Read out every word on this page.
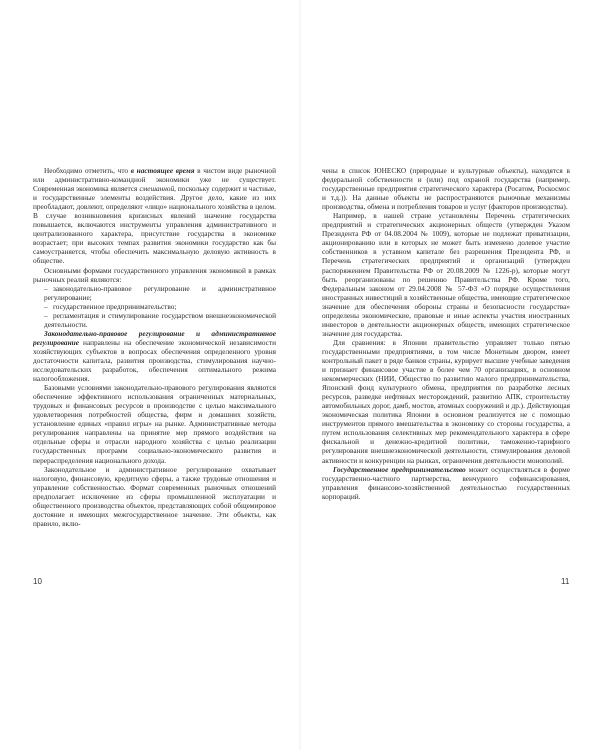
Необходимо отметить, что в настоящее время в чистом виде рыночной или административно-командной экономики уже не существует. Современная экономика является смешанной, поскольку содержит и частные, и государственные элементы воздействия. Другое дело, какие из них преобладают, довлеют, определяют «лицо» национального хозяйства в целом. В случае возникновения кризисных явлений значение государства повышается, включаются инструменты управления административного и централизованного характера, присутствие государства в экономике возрастает; при высоких темпах развития экономики государство как бы самоустраняется, чтобы обеспечить максимальную деловую активность в обществе.

Основными формами государственного управления экономикой в рамках рыночных реалий являются:

– законодательно-правовое регулирование и административное регулирование;
– государственное предпринимательство;
– регламентация и стимулирование государством внешнеэкономической деятельности.

Законодательно-правовое регулирование и административное регулирование направлены на обеспечение экономической независимости хозяйствующих субъектов в вопросах обеспечения определенного уровня достаточности капитала, развития производства, стимулирования научно-исследовательских разработок, обеспечения оптимального режима налогообложения.

Базовыми условиями законодательно-правового регулирования являются обеспечение эффективного использования ограниченных материальных, трудовых и финансовых ресурсов в производстве с целью максимального удовлетворения потребностей общества, фирм и домашних хозяйств, установление единых «правил игры» на рынке. Административные методы регулирования направлены на принятие мер прямого воздействия на отдельные сферы и отрасли народного хозяйства с целью реализации государственных программ социально-экономического развития и перераспределения национального дохода.

Законодательное и административное регулирование охватывает налоговую, финансовую, кредитную сферы, а также трудовые отношения и управление собственностью. Формат современных рыночных отношений предполагает исключение из сферы промышленной эксплуатации и общественного производства объектов, представляющих собой общемировое достояние и имеющих межгосударственное значение. Эти объекты, как правило, вклю-

10

чены в список ЮНЕСКО (природные и культурные объекты), находятся в федеральной собственности и (или) под охраной государства (например, государственные предприятия стратегического характера (Росатом, Роскосмос и т.д.)). На данные объекты не распространяются рыночные механизмы производства, обмена и потребления товаров и услуг (факторов производства).

Например, в нашей стране установлены Перечень стратегических предприятий и стратегических акционерных обществ (утвержден Указом Президента РФ от 04.08.2004 № 1009), которые не подлежат приватизации, акционированию или в которых не может быть изменено долевое участие собственников в уставном капитале без разрешения Президента РФ, и Перечень стратегических предприятий и организаций (утвержден распоряжением Правительства РФ от 20.08.2009 № 1226-р), которые могут быть реорганизованы по решению Правительства РФ. Кроме того, Федеральным законом от 29.04.2008 № 57-ФЗ «О порядке осуществления иностранных инвестиций в хозяйственные общества, имеющие стратегическое значение для обеспечения обороны страны и безопасности государства» определены экономические, правовые и иные аспекты участия иностранных инвесторов в деятельности акционерных обществ, имеющих стратегическое значение для государства.

Для сравнения: в Японии правительство управляет только пятью государственными предприятиями, в том числе Монетным двором, имеет контрольный пакет в ряде банков страны, курирует высшие учебные заведения и признает финансовое участие в более чем 70 организациях, в основном некоммерческих (НИИ, Общество по развитию малого предпринимательства, Японский фонд культурного обмена, предприятия по разработке лесных ресурсов, разведке нефтяных месторождений, развитию АПК, строительству автомобильных дорог, дамб, мостов, атомных сооружений и др.). Действующая экономическая политика Японии в основном реализуется не с помощью инструментов прямого вмешательства в экономику со стороны государства, а путем использования селективных мер рекомендательного характера в сфере фискальной и денежно-кредитной политики, таможенно-тарифного регулирования внешнеэкономической деятельности, стимулирования деловой активности и конкуренции на рынках, ограничения деятельности монополий.

Государственное предпринимательство может осуществляться в форме государственно-частного партнерства, венчурного софинансирования, управления финансово-хозяйственной деятельностью государственных корпораций.

11
